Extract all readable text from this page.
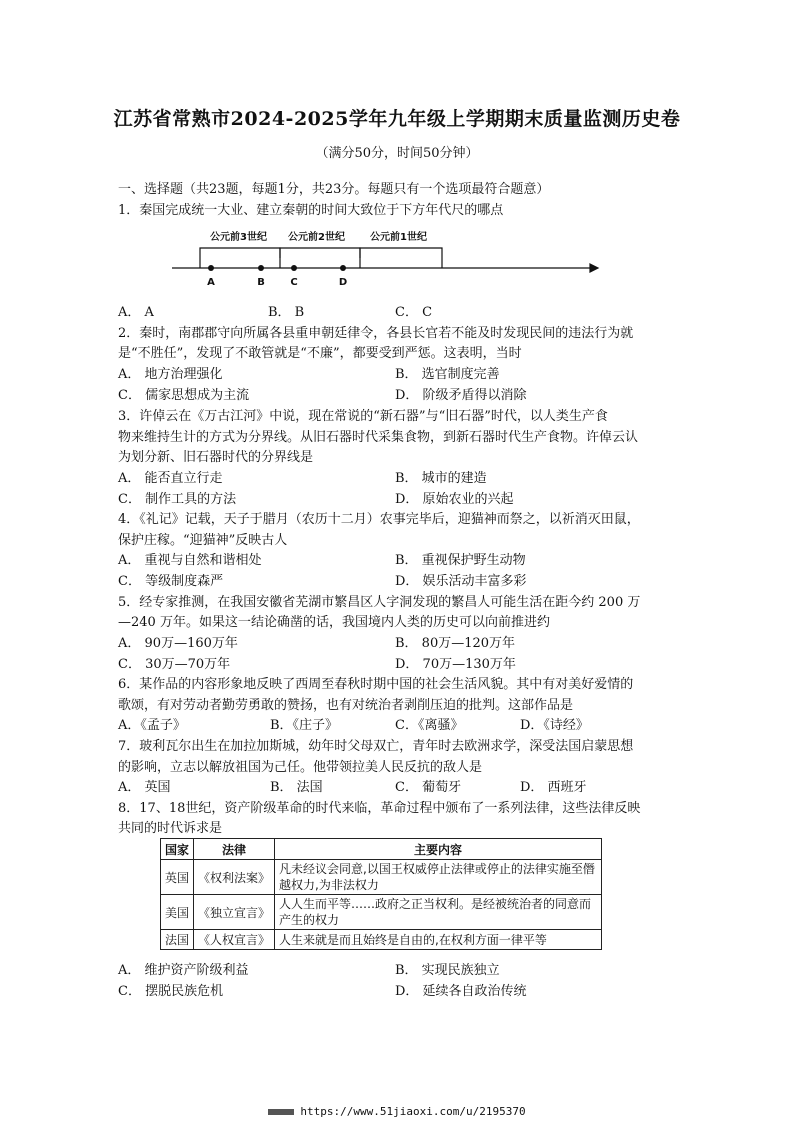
江苏省常熟市2024-2025学年九年级上学期期末质量监测历史卷
（满分50分，时间50分钟）
一、选择题（共23题，每题1分，共23分。每题只有一个选项最符合题意）
1．秦国完成统一大业、建立秦朝的时间大致位于下方年代尺的哪点
公元前3世纪 公元前2世纪	公元前1世纪
A	B	C	D
A． A	B． B	C． C
2．秦时，南郡郡守向所属各县重申朝廷律令，各县长官若不能及时发现民间的违法行为就
是“不胜任”，发现了不敢管就是“不廉”，都要受到严惩。这表明，当时
A． 地方治理强化	B． 选官制度完善
C． 儒家思想成为主流	D． 阶级矛盾得以消除
3．许倬云在《万古江河》中说，现在常说的“新石器”与“旧石器”时代，以人类生产食
物来维持生计的方式为分界线。从旧石器时代采集食物，到新石器时代生产食物。许倬云认
为划分新、旧石器时代的分界线是
A． 能否直立行走	B． 城市的建造
C． 制作工具的方法	D． 原始农业的兴起
4．《礼记》记载，天子于腊月（农历十二月）农事完毕后，迎猫神而祭之，以祈消灭田鼠，
保护庄稼。“迎猫神”反映古人
A． 重视与自然和谐相处	B． 重视保护野生动物
C． 等级制度森严	D． 娱乐活动丰富多彩
5．经专家推测，在我国安徽省芜湖市繁昌区人字洞发现的繁昌人可能生活在距今约 200 万
—240 万年。如果这一结论确凿的话，我国境内人类的历史可以向前推进约
A． 90万—160万年	B． 80万—120万年
C． 30万—70万年	D． 70万—130万年
6．某作品的内容形象地反映了西周至春秋时期中国的社会生活风貌。其中有对美好爱情的
歌颂，有对劳动者勤劳勇敢的赞扬，也有对统治者剥削压迫的批判。这部作品是
A．《孟子》	B．《庄子》	C．《离骚》	D．《诗经》
7．玻利瓦尔出生在加拉加斯城，幼年时父母双亡，青年时去欧洲求学，深受法国启蒙思想
的影响，立志以解放祖国为己任。他带领拉美人民反抗的敌人是
A． 英国	B． 法国	C． 葡萄牙	D． 西班牙
8．17、18世纪，资产阶级革命的时代来临，革命过程中颁布了一系列法律，这些法律反映
共同的时代诉求是
国家	法律	主要内容
英国	《权利法案》	凡未经议会同意,以国王权威停止法律或停止的法律实施至僭越权力,为非法权力
美国	《独立宣言》	人人生而平等……政府之正当权利。是经被统治者的同意而产生的权力
法国	《人权宣言》	人生来就是而且始终是自由的,在权利方面一律平等
A． 维护资产阶级利益	B． 实现民族独立
C． 摆脱民族危机	D． 延续各自政治传统
https://www.51jiaoxi.com/u/2195370
